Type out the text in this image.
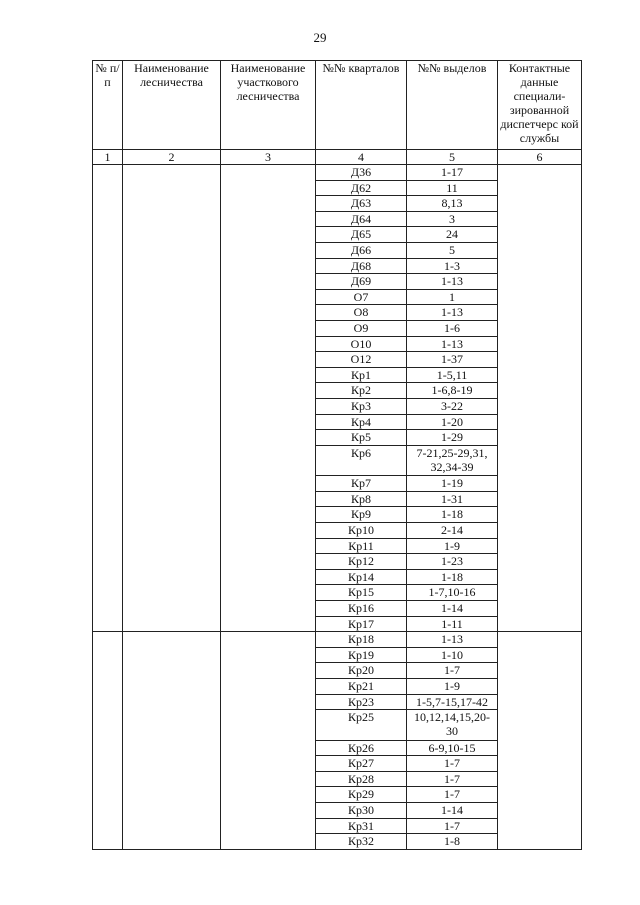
29
№ п/п	Наименование лесничества	Наименование участкового лесничества	№№ кварталов	№№ выделов	Контактные данные специали-зированной диспетчерс кой службы
1	2	3	4	5	6
			Д36	1-17	
			Д62	11	
			Д63	8,13	
			Д64	3	
			Д65	24	
			Д66	5	
			Д68	1-3	
			Д69	1-13	
			О7	1	
			О8	1-13	
			О9	1-6	
			О10	1-13	
			О12	1-37	
			Кр1	1-5,11	
			Кр2	1-6,8-19	
			Кр3	3-22	
			Кр4	1-20	
			Кр5	1-29	
			Кр6	7-21,25-29,31, 32,34-39	
			Кр7	1-19	
			Кр8	1-31	
			Кр9	1-18	
			Кр10	2-14	
			Кр11	1-9	
			Кр12	1-23	
			Кр14	1-18	
			Кр15	1-7,10-16	
			Кр16	1-14	
			Кр17	1-11	
			Кр18	1-13	
			Кр19	1-10	
			Кр20	1-7	
			Кр21	1-9	
			Кр23	1-5,7-15,17-42	
			Кр25	10,12,14,15,20-30	
			Кр26	6-9,10-15	
			Кр27	1-7	
			Кр28	1-7	
			Кр29	1-7	
			Кр30	1-14	
			Кр31	1-7	
			Кр32	1-8	
